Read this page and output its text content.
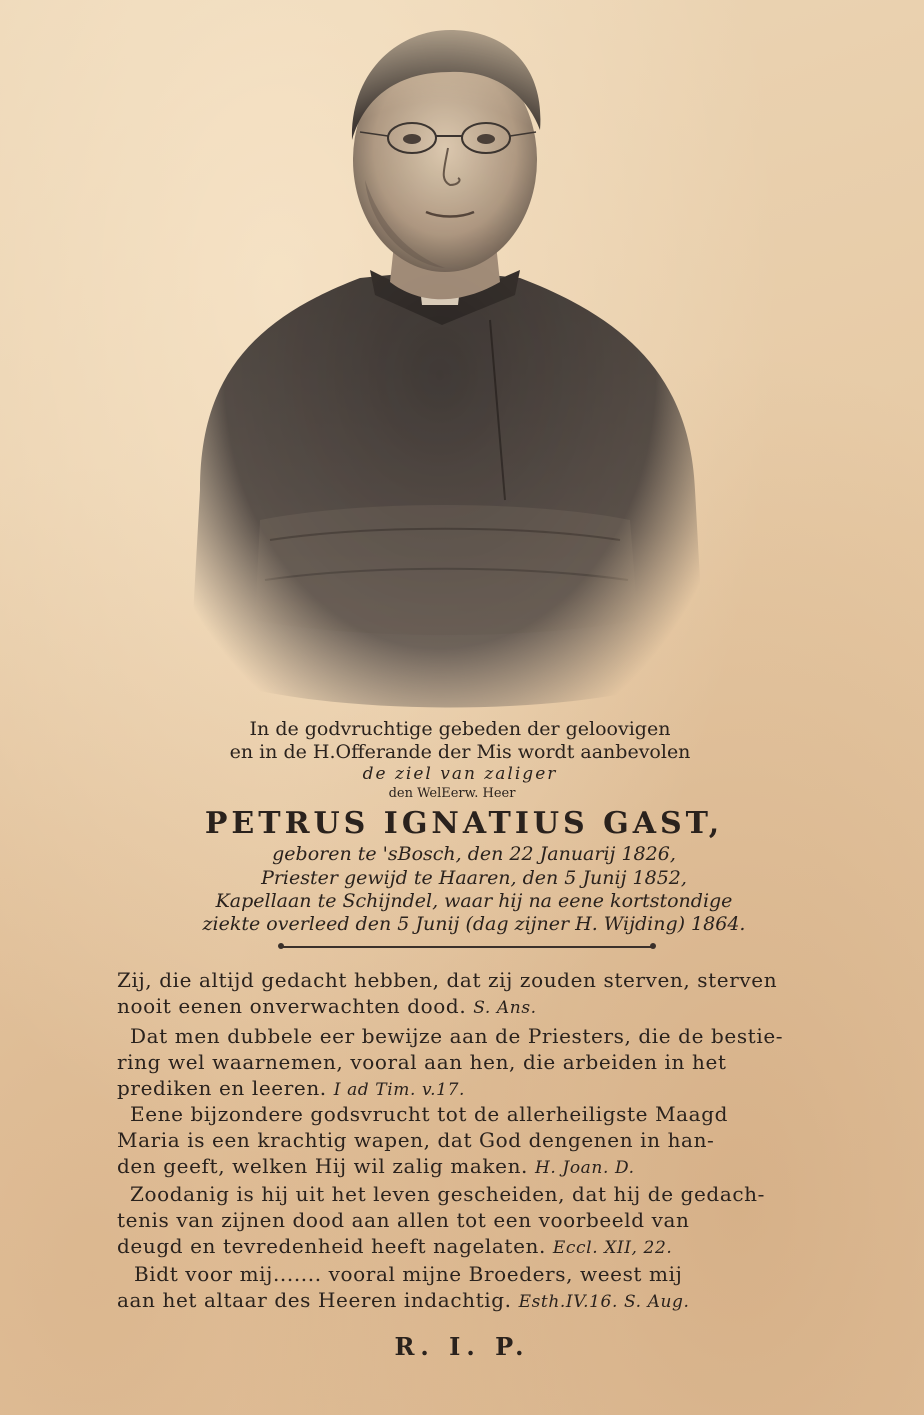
In de godvruchtige gebeden der geloovigen
en in de H.Offerande der Mis wordt aanbevolen
de ziel van zaliger
den WelEerw. Heer
PETRUS IGNATIUS GAST,
geboren te 'sBosch, den 22 Januarij 1826,
Priester gewijd te Haaren, den 5 Junij 1852,
Kapellaan te Schijndel, waar hij na eene kortstondige
ziekte overleed den 5 Junij (dag zijner H. Wijding) 1864.
Zij, die altijd gedacht hebben, dat zij zouden sterven, sterven
nooit eenen onverwachten dood. S. Ans.
Dat men dubbele eer bewijze aan de Priesters, die de bestie-
ring wel waarnemen, vooral aan hen, die arbeiden in het
prediken en leeren. I ad Tim. v.17.
Eene bijzondere godsvrucht tot de allerheiligste Maagd
Maria is een krachtig wapen, dat God dengenen in han-
den geeft, welken Hij wil zalig maken. H. Joan. D.
Zoodanig is hij uit het leven gescheiden, dat hij de gedach-
tenis van zijnen dood aan allen tot een voorbeeld van
deugd en tevredenheid heeft nagelaten. Eccl. XII, 22.
Bidt voor mij....... vooral mijne Broeders, weest mij
aan het altaar des Heeren indachtig. Esth.IV.16. S. Aug.
R. I. P.
